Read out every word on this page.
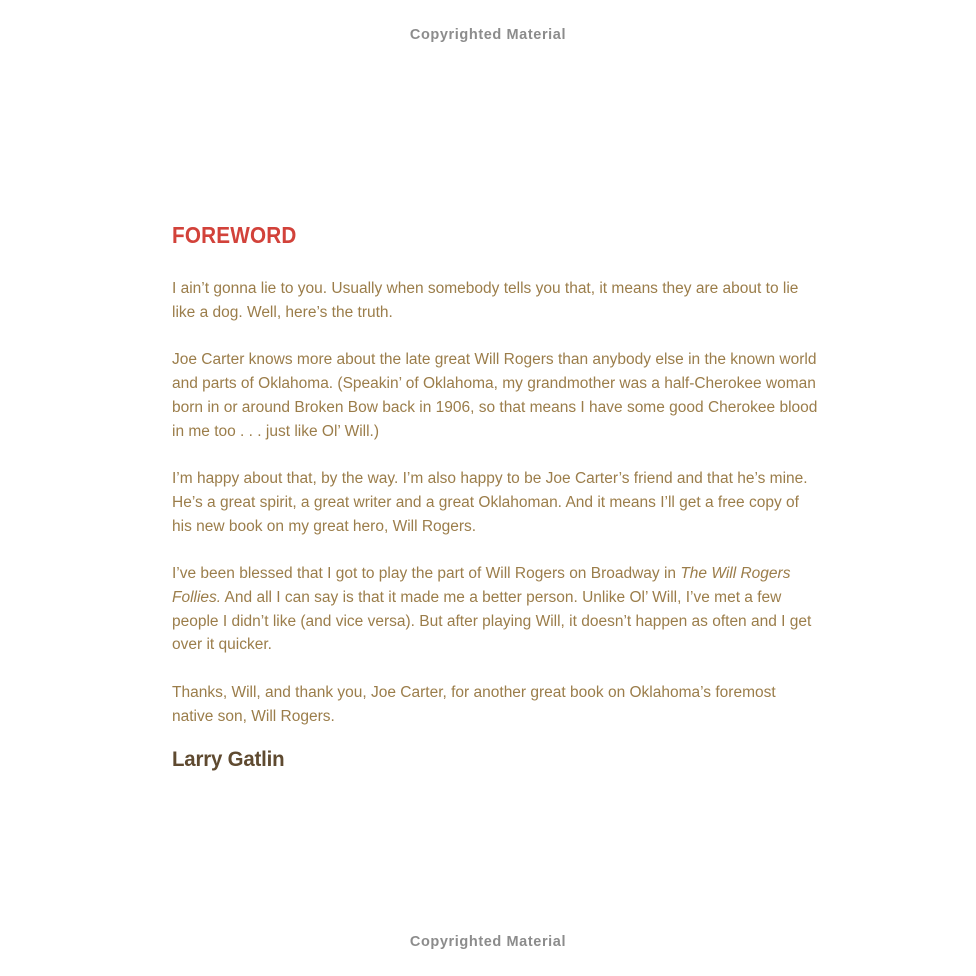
Copyrighted Material
FOREWORD
I ain’t gonna lie to you. Usually when somebody tells you that, it means they are about to lie
like a dog. Well, here’s the truth.
Joe Carter knows more about the late great Will Rogers than anybody else in the known world
and parts of Oklahoma. (Speakin’ of Oklahoma, my grandmother was a half-Cherokee woman
born in or around Broken Bow back in 1906, so that means I have some good Cherokee blood
in me too . . . just like Ol’ Will.)
I’m happy about that, by the way. I’m also happy to be Joe Carter’s friend and that he’s mine.
He’s a great spirit, a great writer and a great Oklahoman. And it means I’ll get a free copy of
his new book on my great hero, Will Rogers.
I’ve been blessed that I got to play the part of Will Rogers on Broadway in The Will Rogers
Follies. And all I can say is that it made me a better person. Unlike Ol’ Will, I’ve met a few
people I didn’t like (and vice versa). But after playing Will, it doesn’t happen as often and I get
over it quicker.
Thanks, Will, and thank you, Joe Carter, for another great book on Oklahoma’s foremost
native son, Will Rogers.
Larry Gatlin
Copyrighted Material
